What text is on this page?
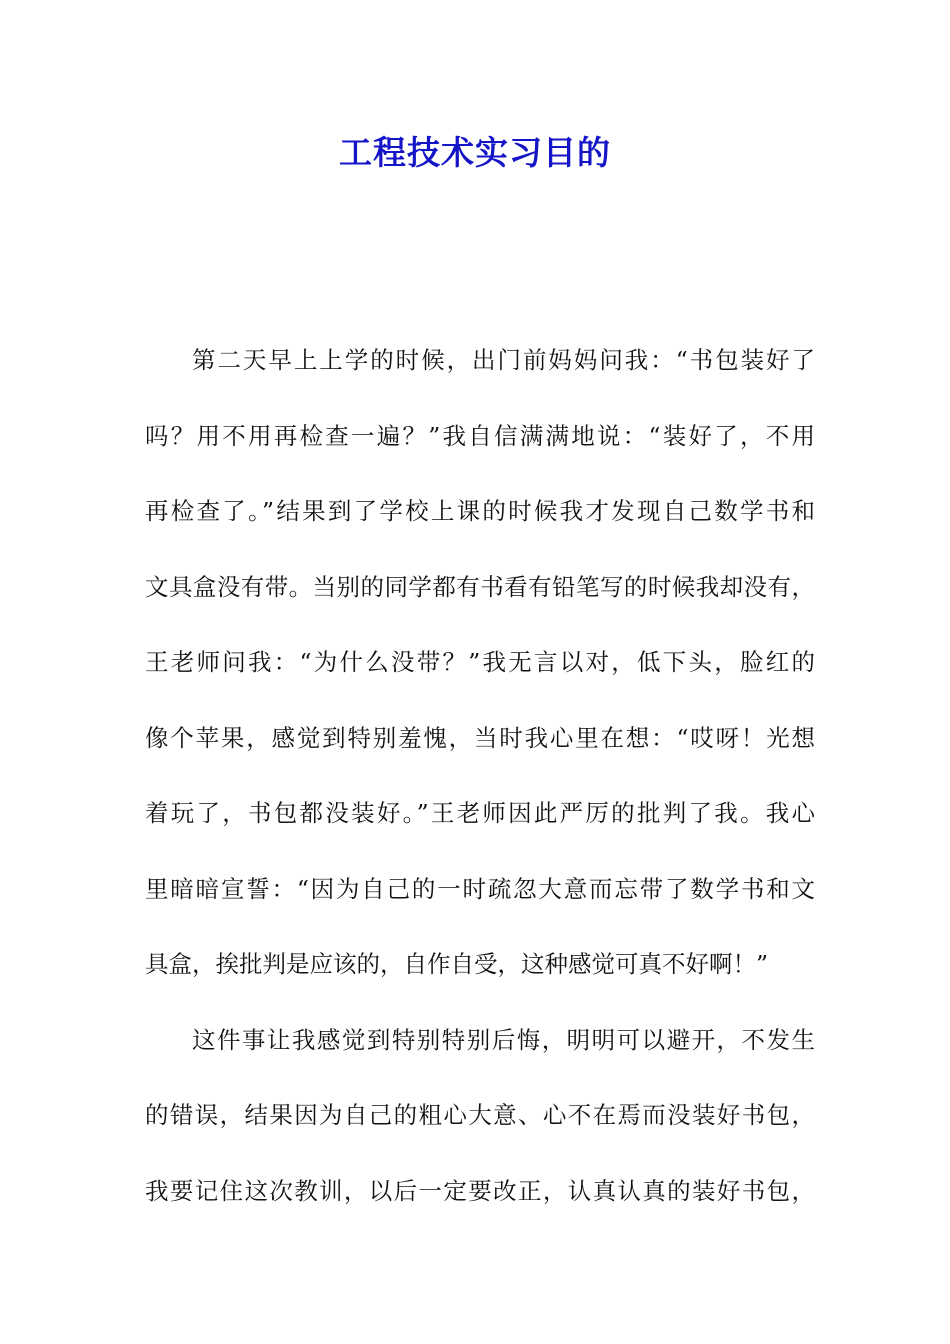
工程技术实习目的
第二天早上上学的时候，出门前妈妈问我：“书包装好了
吗？用不用再检查一遍？”我自信满满地说：“装好了，不用
再检查了。”结果到了学校上课的时候我才发现自己数学书和
文具盒没有带。当别的同学都有书看有铅笔写的时候我却没有，
王老师问我：“为什么没带？”我无言以对，低下头，脸红的
像个苹果，感觉到特别羞愧，当时我心里在想：“哎呀！光想
着玩了，书包都没装好。”王老师因此严厉的批判了我。我心
里暗暗宣誓：“因为自己的一时疏忽大意而忘带了数学书和文
具盒，挨批判是应该的，自作自受，这种感觉可真不好啊！”
这件事让我感觉到特别特别后悔，明明可以避开，不发生
的错误，结果因为自己的粗心大意、心不在焉而没装好书包，
我要记住这次教训，以后一定要改正，认真认真的装好书包，
